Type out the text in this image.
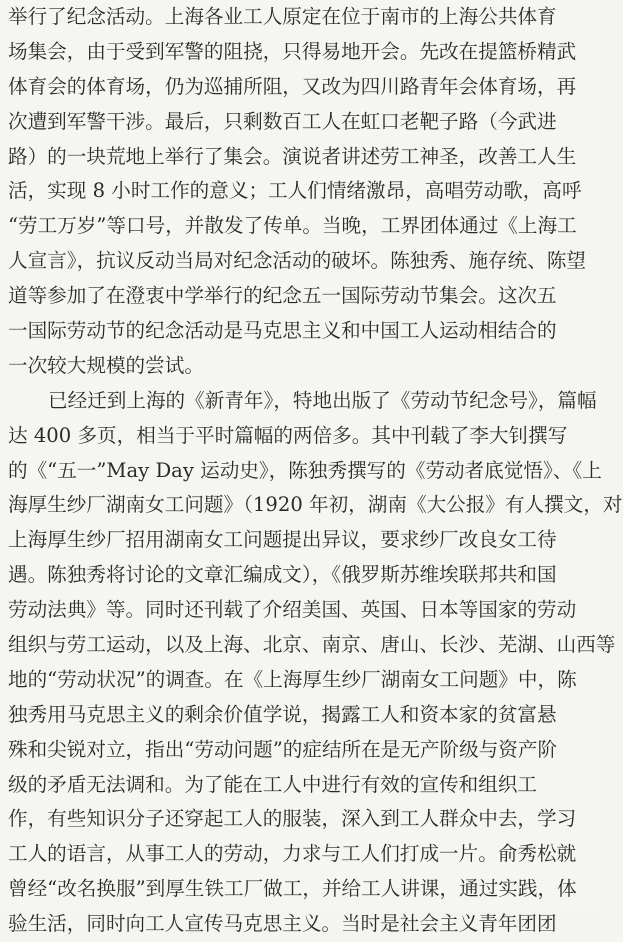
举行了纪念活动。上海各业工人原定在位于南市的上海公共体育
场集会，由于受到军警的阻挠，只得易地开会。先改在提篮桥精武
体育会的体育场，仍为巡捕所阻，又改为四川路青年会体育场，再
次遭到军警干涉。最后，只剩数百工人在虹口老靶子路（今武进
路）的一块荒地上举行了集会。演说者讲述劳工神圣，改善工人生
活，实现 8 小时工作的意义；工人们情绪激昂，高唱劳动歌，高呼
“劳工万岁”等口号，并散发了传单。当晚，工界团体通过《上海工
人宣言》，抗议反动当局对纪念活动的破坏。陈独秀、施存统、陈望
道等参加了在澄衷中学举行的纪念五一国际劳动节集会。这次五
一国际劳动节的纪念活动是马克思主义和中国工人运动相结合的
一次较大规模的尝试。
已经迁到上海的《新青年》，特地出版了《劳动节纪念号》，篇幅
达 400 多页，相当于平时篇幅的两倍多。其中刊载了李大钊撰写
的《“五一”May Day 运动史》，陈独秀撰写的《劳动者底觉悟》、《上
海厚生纱厂湖南女工问题》（1920 年初，湖南《大公报》有人撰文，对
上海厚生纱厂招用湖南女工问题提出异议，要求纱厂改良女工待
遇。陈独秀将讨论的文章汇编成文），《俄罗斯苏维埃联邦共和国
劳动法典》等。同时还刊载了介绍美国、英国、日本等国家的劳动
组织与劳工运动，以及上海、北京、南京、唐山、长沙、芜湖、山西等
地的“劳动状况”的调查。在《上海厚生纱厂湖南女工问题》中，陈
独秀用马克思主义的剩余价值学说，揭露工人和资本家的贫富悬
殊和尖锐对立，指出“劳动问题”的症结所在是无产阶级与资产阶
级的矛盾无法调和。为了能在工人中进行有效的宣传和组织工
作，有些知识分子还穿起工人的服装，深入到工人群众中去，学习
工人的语言，从事工人的劳动，力求与工人们打成一片。俞秀松就
曾经“改名换服”到厚生铁工厂做工，并给工人讲课，通过实践，体
验生活，同时向工人宣传马克思主义。当时是社会主义青年团团
